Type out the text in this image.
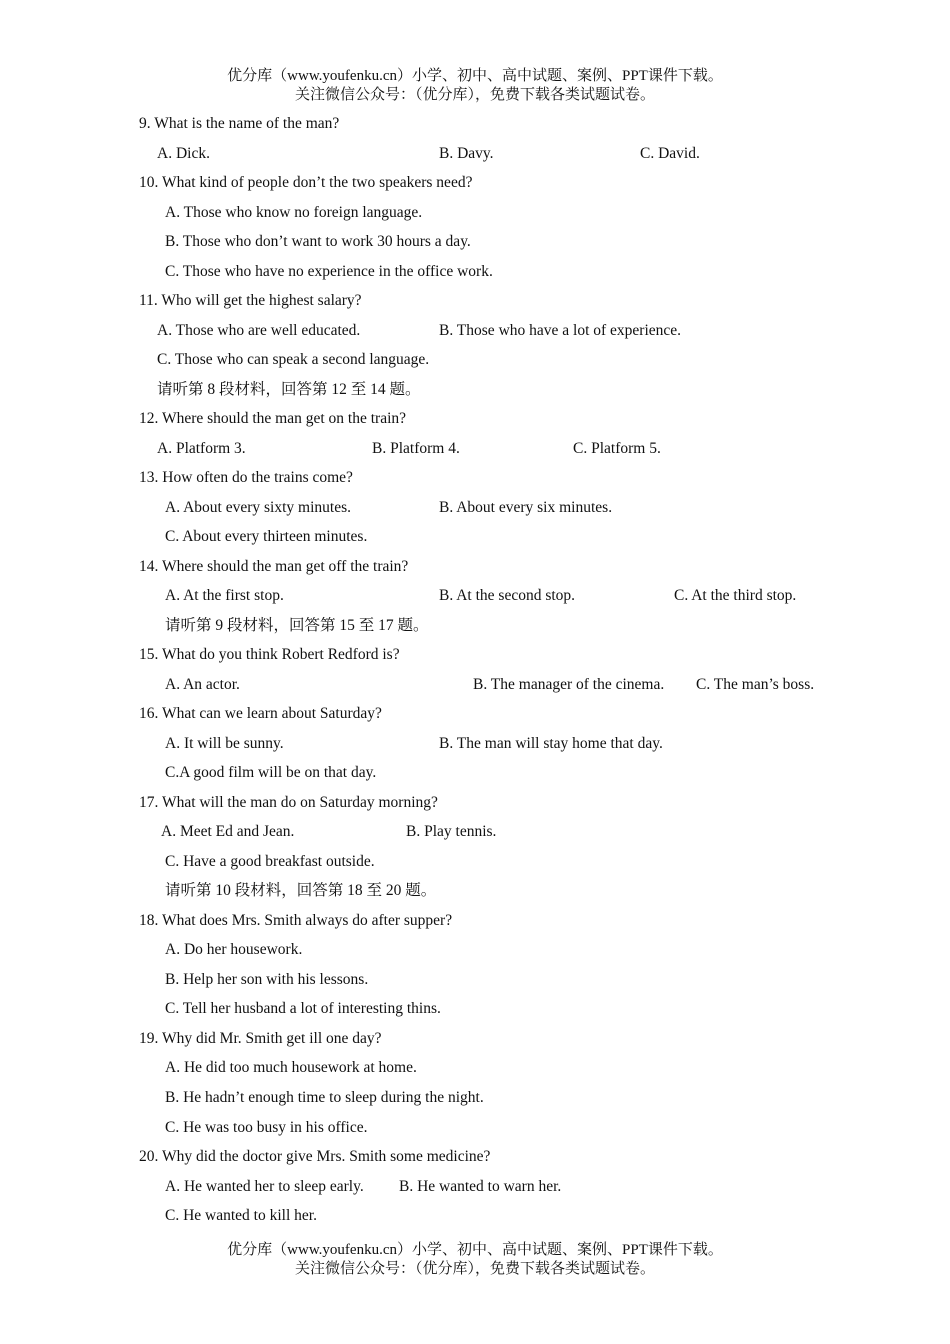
优分库（www.youfenku.cn）小学、初中、高中试题、案例、PPT课件下载。
关注微信公众号：（优分库），免费下载各类试题试卷。
9. What is the name of the man?
A. Dick.	B. Davy.	C. David.
10. What kind of people don’t the two speakers need?
A. Those who know no foreign language.
B. Those who don’t want to work 30 hours a day.
C. Those who have no experience in the office work.
11. Who will get the highest salary?
A. Those who are well educated.	B. Those who have a lot of experience.
C. Those who can speak a second language.
请听第 8 段材料，回答第 12 至 14 题。
12. Where should the man get on the train?
A. Platform 3.	B. Platform 4.	C. Platform 5.
13. How often do the trains come?
A. About every sixty minutes.	B. About every six minutes.
C. About every thirteen minutes.
14. Where should the man get off the train?
A. At the first stop.	B. At the second stop.	C. At the third stop.
请听第 9 段材料，回答第 15 至 17 题。
15. What do you think Robert Redford is?
A. An actor.	B. The manager of the cinema. C. The man’s boss.
16. What can we learn about Saturday?
A. It will be sunny.	B. The man will stay home that day.
C.A good film will be on that day.
17. What will the man do on Saturday morning?
A. Meet Ed and Jean.	B. Play tennis.
C. Have a good breakfast outside.
请听第 10 段材料，回答第 18 至 20 题。
18. What does Mrs. Smith always do after supper?
A. Do her housework.
B. Help her son with his lessons.
C. Tell her husband a lot of interesting thins.
19. Why did Mr. Smith get ill one day?
A. He did too much housework at home.
B. He hadn’t enough time to sleep during the night.
C. He was too busy in his office.
20. Why did the doctor give Mrs. Smith some medicine?
A. He wanted her to sleep early. B. He wanted to warn her.
C. He wanted to kill her.
优分库（www.youfenku.cn）小学、初中、高中试题、案例、PPT课件下载。
关注微信公众号：（优分库），免费下载各类试题试卷。
